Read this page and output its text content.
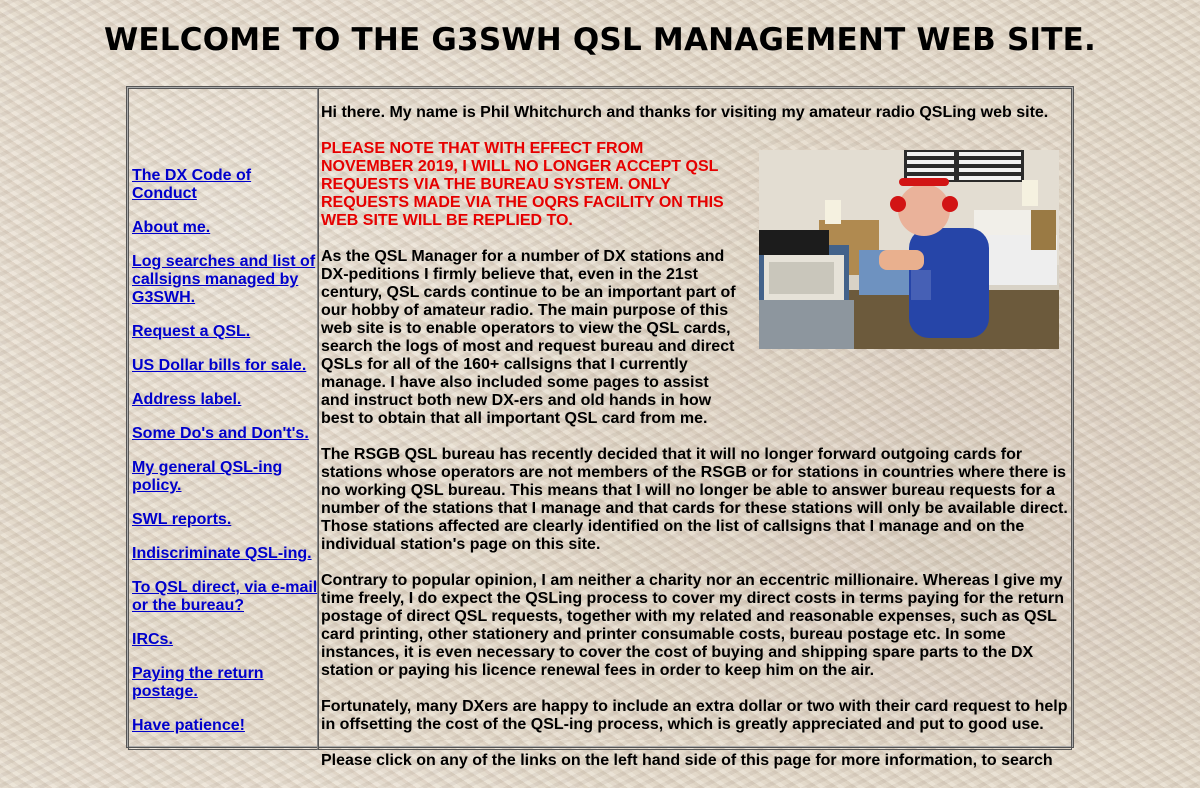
WELCOME TO THE G3SWH QSL MANAGEMENT WEB SITE.
The DX Code of Conduct
About me.
Log searches and list of callsigns managed by G3SWH.
Request a QSL.
US Dollar bills for sale.
Address label.
Some Do's and Don't's.
My general QSL-ing policy.
SWL reports.
Indiscriminate QSL-ing.
To QSL direct, via e-mail or the bureau?
IRCs.
Paying the return postage.
Have patience!

Hi there. My name is Phil Whitchurch and thanks for visiting my amateur radio QSLing web site.

PLEASE NOTE THAT WITH EFFECT FROM NOVEMBER 2019, I WILL NO LONGER ACCEPT QSL REQUESTS VIA THE BUREAU SYSTEM. ONLY REQUESTS MADE VIA THE OQRS FACILITY ON THIS WEB SITE WILL BE REPLIED TO.

As the QSL Manager for a number of DX stations and DX-peditions I firmly believe that, even in the 21st century, QSL cards continue to be an important part of our hobby of amateur radio. The main purpose of this web site is to enable operators to view the QSL cards, search the logs of most and request bureau and direct QSLs for all of the 160+ callsigns that I currently manage. I have also included some pages to assist and instruct both new DX-ers and old hands in how best to obtain that all important QSL card from me.

The RSGB QSL bureau has recently decided that it will no longer forward outgoing cards for stations whose operators are not members of the RSGB or for stations in countries where there is no working QSL bureau. This means that I will no longer be able to answer bureau requests for a number of the stations that I manage and that cards for these stations will only be available direct. Those stations affected are clearly identified on the list of callsigns that I manage and on the individual station's page on this site.

Contrary to popular opinion, I am neither a charity nor an eccentric millionaire. Whereas I give my time freely, I do expect the QSLing process to cover my direct costs in terms paying for the return postage of direct QSL requests, together with my related and reasonable expenses, such as QSL card printing, other stationery and printer consumable costs, bureau postage etc. In some instances, it is even necessary to cover the cost of buying and shipping spare parts to the DX station or paying his licence renewal fees in order to keep him on the air.

Fortunately, many DXers are happy to include an extra dollar or two with their card request to help in offsetting the cost of the QSL-ing process, which is greatly appreciated and put to good use.

Please click on any of the links on the left hand side of this page for more information, to search
